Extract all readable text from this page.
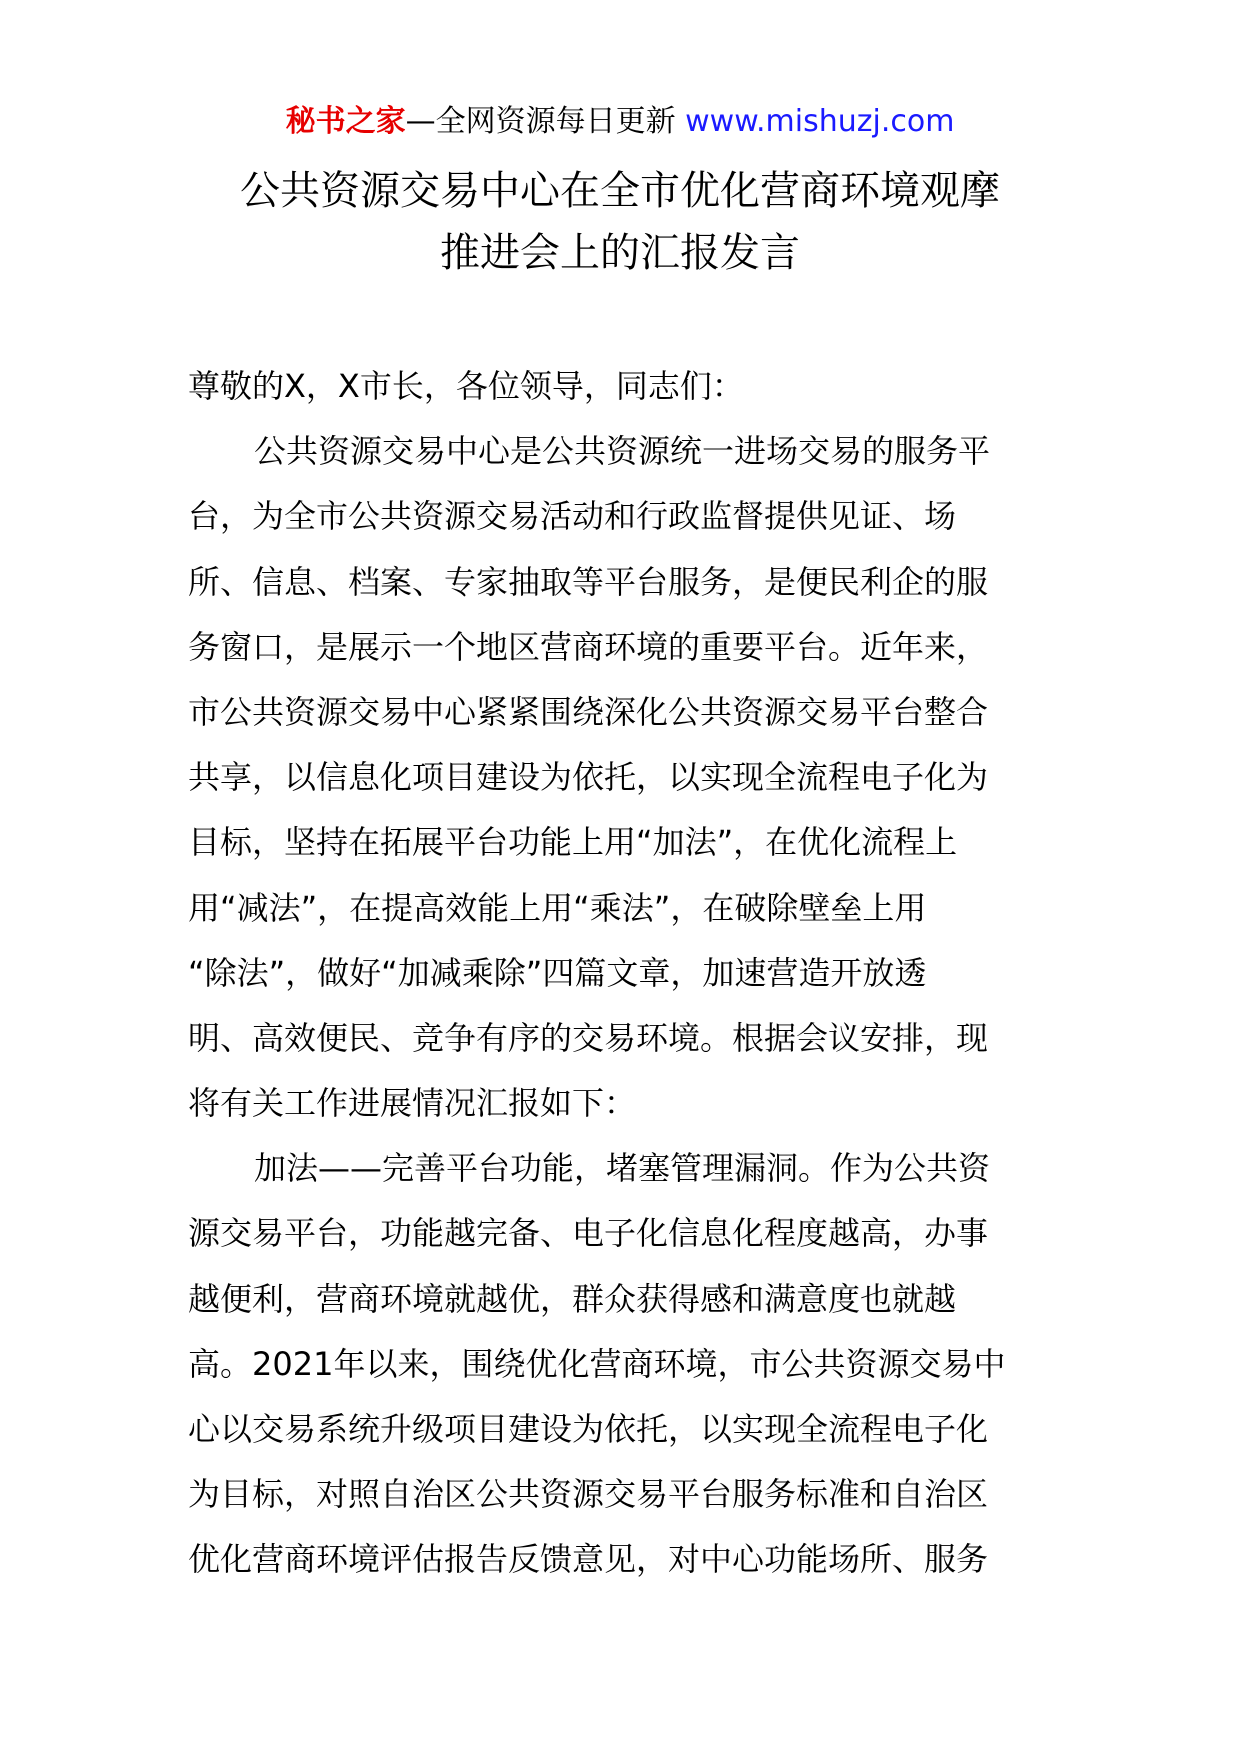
秘书之家—全网资源每日更新 www.mishuzj.com
公共资源交易中心在全市优化营商环境观摩
推进会上的汇报发言
尊敬的X，X市长，各位领导，同志们：
公共资源交易中心是公共资源统一进场交易的服务平
台，为全市公共资源交易活动和行政监督提供见证、场
所、信息、档案、专家抽取等平台服务，是便民利企的服
务窗口，是展示一个地区营商环境的重要平台。近年来，
市公共资源交易中心紧紧围绕深化公共资源交易平台整合
共享，以信息化项目建设为依托，以实现全流程电子化为
目标，坚持在拓展平台功能上用“加法”，在优化流程上
用“减法”，在提高效能上用“乘法”，在破除壁垒上用
“除法”，做好“加减乘除”四篇文章，加速营造开放透
明、高效便民、竞争有序的交易环境。根据会议安排，现
将有关工作进展情况汇报如下：
加法——完善平台功能，堵塞管理漏洞。作为公共资
源交易平台，功能越完备、电子化信息化程度越高，办事
越便利，营商环境就越优，群众获得感和满意度也就越
高。2021年以来，围绕优化营商环境，市公共资源交易中
心以交易系统升级项目建设为依托，以实现全流程电子化
为目标，对照自治区公共资源交易平台服务标准和自治区
优化营商环境评估报告反馈意见，对中心功能场所、服务
